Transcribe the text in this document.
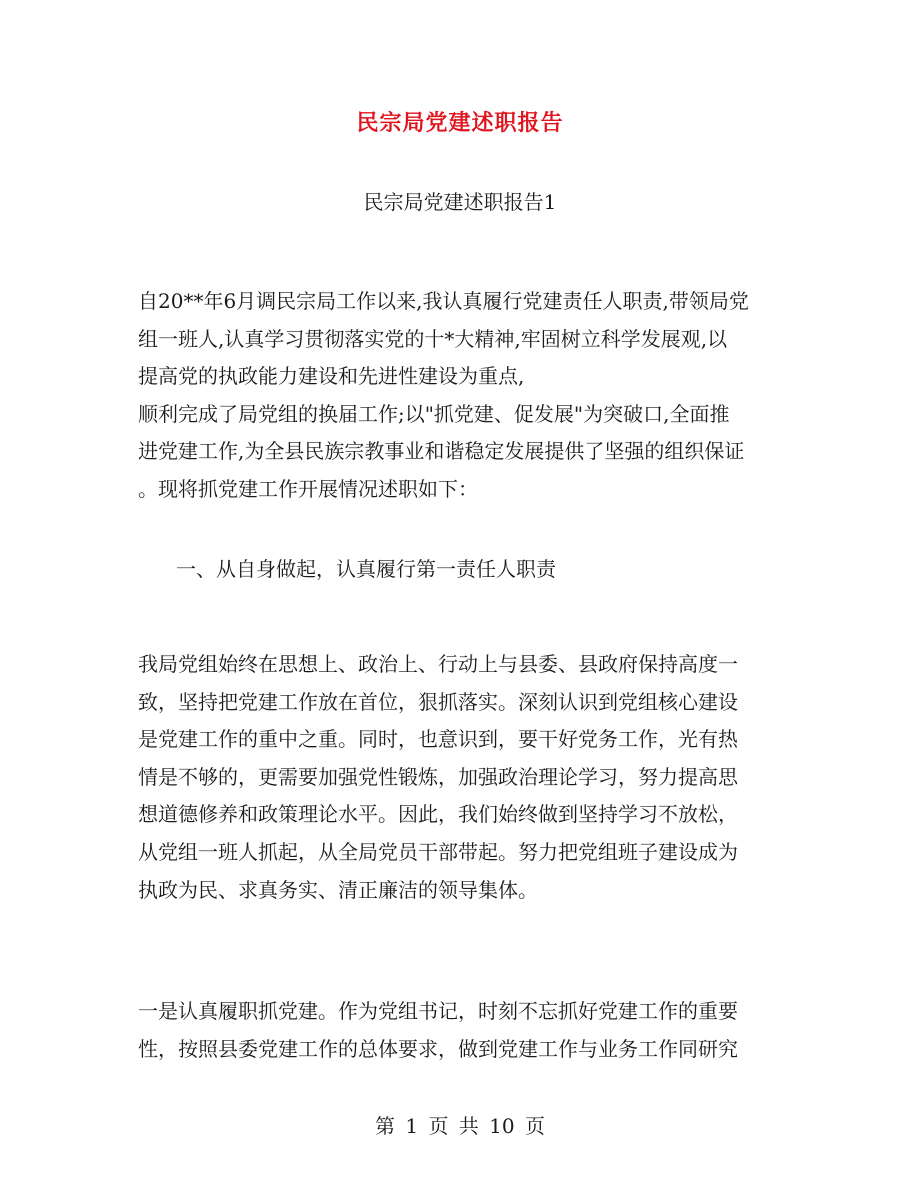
民宗局党建述职报告
民宗局党建述职报告1
自20**年6月调民宗局工作以来,我认真履行党建责任人职责,带领局党
组一班人,认真学习贯彻落实党的十*大精神,牢固树立科学发展观,以
提高党的执政能力建设和先进性建设为重点,
顺利完成了局党组的换届工作;以"抓党建、促发展"为突破口,全面推
进党建工作,为全县民族宗教事业和谐稳定发展提供了坚强的组织保证
。现将抓党建工作开展情况述职如下：
一、从自身做起，认真履行第一责任人职责
我局党组始终在思想上、政治上、行动上与县委、县政府保持高度一
致，坚持把党建工作放在首位，狠抓落实。深刻认识到党组核心建设
是党建工作的重中之重。同时，也意识到，要干好党务工作，光有热
情是不够的，更需要加强党性锻炼，加强政治理论学习，努力提高思
想道德修养和政策理论水平。因此，我们始终做到坚持学习不放松，
从党组一班人抓起，从全局党员干部带起。努力把党组班子建设成为
执政为民、求真务实、清正廉洁的领导集体。
一是认真履职抓党建。作为党组书记，时刻不忘抓好党建工作的重要
性，按照县委党建工作的总体要求，做到党建工作与业务工作同研究
第 1 页 共 10 页
